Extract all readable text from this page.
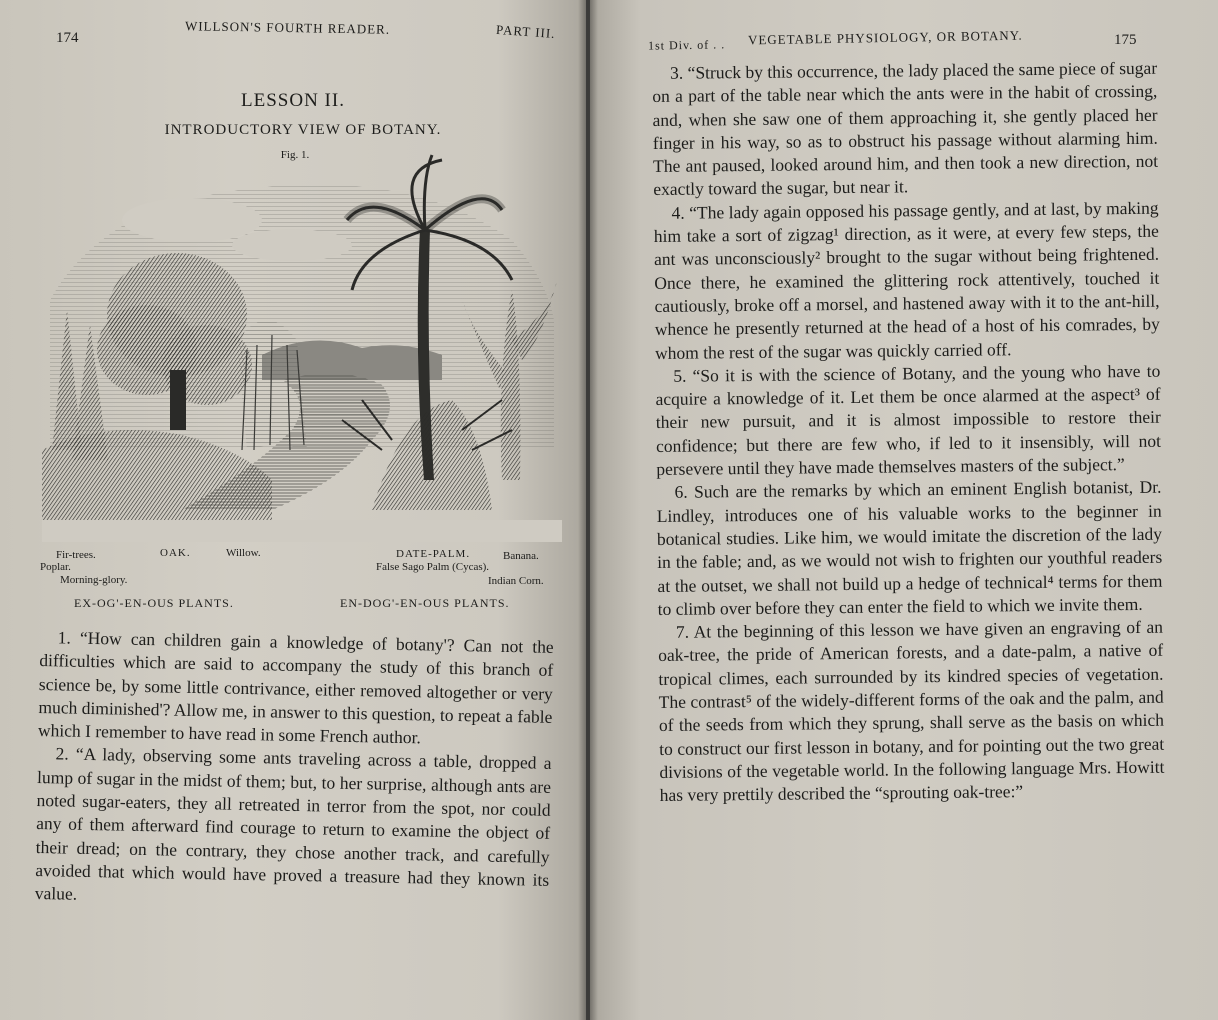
174
WILLSON'S FOURTH READER.	PART III.
LESSON II.
INTRODUCTORY VIEW OF BOTANY.
Fig. 1.
Fir-trees.	OAK.	Willow.	DATE-PALM.	Banana.
Poplar.	False Sago Palm (Cycas).
Morning-glory.	Indian Corn.
EX-OG'-EN-OUS PLANTS.	EN-DOG'-EN-OUS PLANTS.

1. “How can children gain a knowledge of botany'? Can not the difficulties which are said to accompany the study of this branch of science be, by some little contrivance, either removed altogether or very much diminished'? Allow me, in answer to this question, to repeat a fable which I remember to have read in some French author.

2. “A lady, observing some ants traveling across a table, dropped a lump of sugar in the midst of them; but, to her surprise, although ants are noted sugar-eaters, they all retreated in terror from the spot, nor could any of them afterward find courage to return to examine the object of their dread; on the contrary, they chose another track, and carefully avoided that which would have proved a treasure had they known its value.

1st Div. of . . VEGETABLE PHYSIOLOGY, OR BOTANY.	175

3. “Struck by this occurrence, the lady placed the same piece of sugar on a part of the table near which the ants were in the habit of crossing, and, when she saw one of them approaching it, she gently placed her finger in his way, so as to obstruct his passage without alarming him. The ant paused, looked around him, and then took a new direction, not exactly toward the sugar, but near it.

4. “The lady again opposed his passage gently, and at last, by making him take a sort of zigzag¹ direction, as it were, at every few steps, the ant was unconsciously² brought to the sugar without being frightened. Once there, he examined the glittering rock attentively, touched it cautiously, broke off a morsel, and hastened away with it to the ant-hill, whence he presently returned at the head of a host of his comrades, by whom the rest of the sugar was quickly carried off.

5. “So it is with the science of Botany, and the young who have to acquire a knowledge of it. Let them be once alarmed at the aspect³ of their new pursuit, and it is almost impossible to restore their confidence; but there are few who, if led to it insensibly, will not persevere until they have made themselves masters of the subject.”

6. Such are the remarks by which an eminent English botanist, Dr. Lindley, introduces one of his valuable works to the beginner in botanical studies. Like him, we would imitate the discretion of the lady in the fable; and, as we would not wish to frighten our youthful readers at the outset, we shall not build up a hedge of technical⁴ terms for them to climb over before they can enter the field to which we invite them.

7. At the beginning of this lesson we have given an engraving of an oak-tree, the pride of American forests, and a date-palm, a native of tropical climes, each surrounded by its kindred species of vegetation. The contrast⁵ of the widely-different forms of the oak and the palm, and of the seeds from which they sprung, shall serve as the basis on which to construct our first lesson in botany, and for pointing out the two great divisions of the vegetable world. In the following language Mrs. Howitt has very prettily described the “sprouting oak-tree:”
